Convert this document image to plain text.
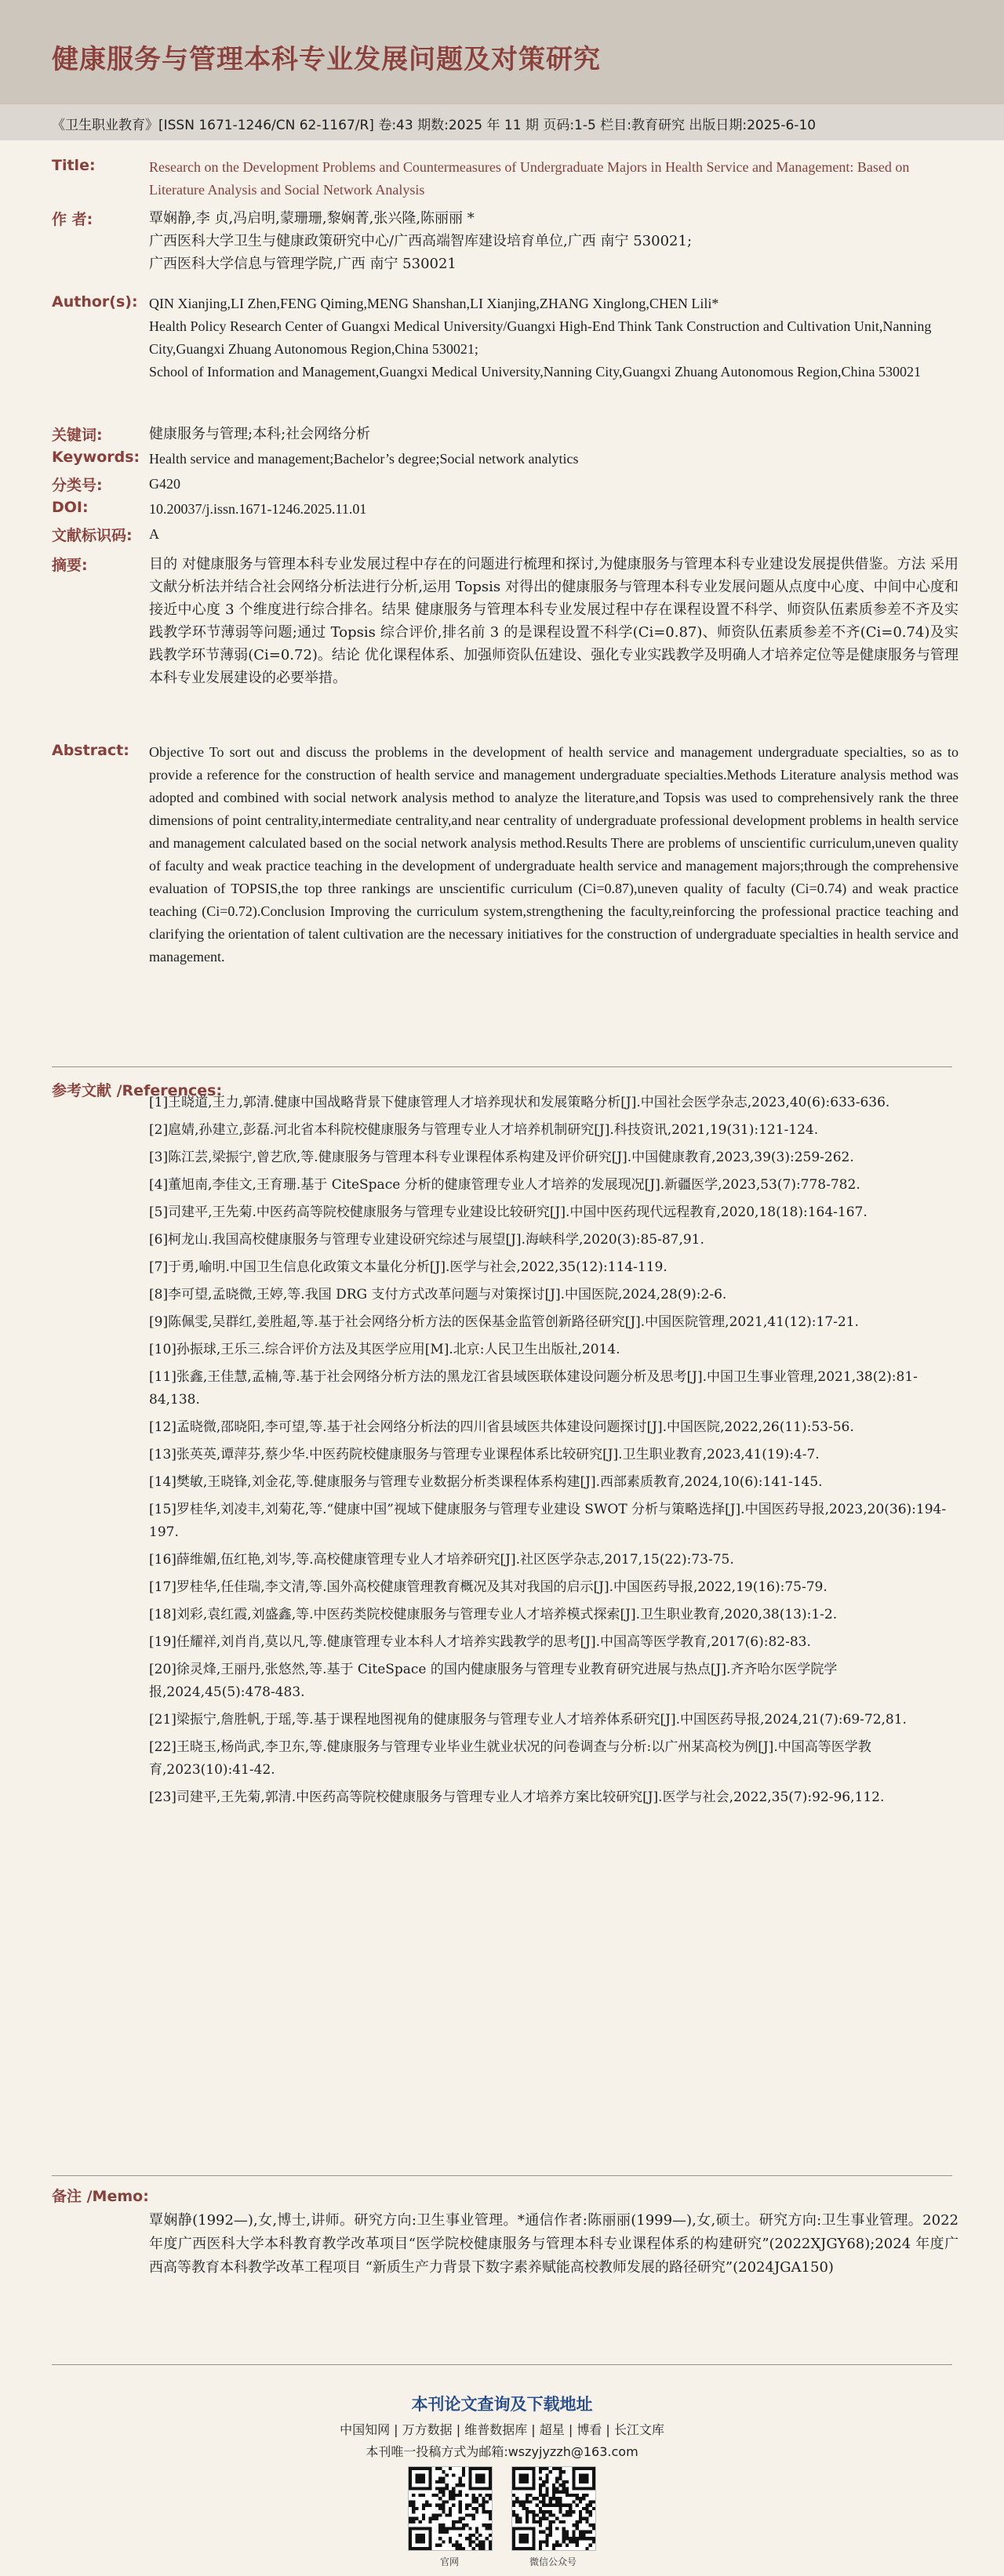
健康服务与管理本科专业发展问题及对策研究
《卫生职业教育》[ISSN 1671-1246/CN 62-1167/R] 卷:43 期数:2025 年 11 期 页码:1-5 栏目:教育研究 出版日期:2025-6-10
Title:	Research on the Development Problems and Countermeasures of Undergraduate Majors in Health Service and Management: Based on Literature Analysis and Social Network Analysis
作 者:	覃娴静,李 贞,冯启明,蒙珊珊,黎娴菁,张兴隆,陈丽丽 *
广西医科大学卫生与健康政策研究中心/广西高端智库建设培育单位,广西 南宁 530021;
广西医科大学信息与管理学院,广西 南宁 530021
Author(s): QIN Xianjing,LI Zhen,FENG Qiming,MENG Shanshan,LI Xianjing,ZHANG Xinglong,CHEN Lili*
Health Policy Research Center of Guangxi Medical University/Guangxi High-End Think Tank Construction and Cultivation Unit,Nanning City,Guangxi Zhuang Autonomous Region,China 530021;
School of Information and Management,Guangxi Medical University,Nanning City,Guangxi Zhuang Autonomous Region,China 530021
关键词:	健康服务与管理;本科;社会网络分析
Keywords: Health service and management;Bachelor’s degree;Social network analytics
分类号:	G420
DOI:	10.20037/j.issn.1671-1246.2025.11.01
文献标识码: A
摘要:	目的 对健康服务与管理本科专业发展过程中存在的问题进行梳理和探讨,为健康服务与管理本科专业建设发展提供借鉴。方法 采用文献分析法并结合社会网络分析法进行分析,运用 Topsis 对得出的健康服务与管理本科专业发展问题从点度中心度、中间中心度和接近中心度 3 个维度进行综合排名。结果 健康服务与管理本科专业发展过程中存在课程设置不科学、师资队伍素质参差不齐及实践教学环节薄弱等问题;通过 Topsis 综合评价,排名前 3 的是课程设置不科学(Ci=0.87)、师资队伍素质参差不齐(Ci=0.74)及实践教学环节薄弱(Ci=0.72)。结论 优化课程体系、加强师资队伍建设、强化专业实践教学及明确人才培养定位等是健康服务与管理本科专业发展建设的必要举措。
Abstract: Objective To sort out and discuss the problems in the development of health service and management undergraduate specialties, so as to provide a reference for the construction of health service and management undergraduate specialties.Methods Literature analysis method was adopted and combined with social network analysis method to analyze the literature,and Topsis was used to comprehensively rank the three dimensions of point centrality,intermediate centrality,and near centrality of undergraduate professional development problems in health service and management calculated based on the social network analysis method.Results There are problems of unscientific curriculum,uneven quality of faculty and weak practice teaching in the development of undergraduate health service and management majors;through the comprehensive evaluation of TOPSIS,the top three rankings are unscientific curriculum (Ci=0.87),uneven quality of faculty (Ci=0.74) and weak practice teaching (Ci=0.72).Conclusion Improving the curriculum system,strengthening the faculty,reinforcing the professional practice teaching and clarifying the orientation of talent cultivation are the necessary initiatives for the construction of undergraduate specialties in health service and management.
参考文献 /References:
[1]王晓道,王力,郭清.健康中国战略背景下健康管理人才培养现状和发展策略分析[J].中国社会医学杂志,2023,40(6):633-636.
[2]扈婧,孙建立,彭磊.河北省本科院校健康服务与管理专业人才培养机制研究[J].科技资讯,2021,19(31):121-124.
[3]陈江芸,梁振宁,曾艺欣,等.健康服务与管理本科专业课程体系构建及评价研究[J].中国健康教育,2023,39(3):259-262.
[4]董旭南,李佳文,王育珊.基于 CiteSpace 分析的健康管理专业人才培养的发展现况[J].新疆医学,2023,53(7):778-782.
[5]司建平,王先菊.中医药高等院校健康服务与管理专业建设比较研究[J].中国中医药现代远程教育,2020,18(18):164-167.
[6]柯龙山.我国高校健康服务与管理专业建设研究综述与展望[J].海峡科学,2020(3):85-87,91.
[7]于勇,喻明.中国卫生信息化政策文本量化分析[J].医学与社会,2022,35(12):114-119.
[8]李可望,孟晓微,王婷,等.我国 DRG 支付方式改革问题与对策探讨[J].中国医院,2024,28(9):2-6.
[9]陈佩雯,吴群红,姜胜超,等.基于社会网络分析方法的医保基金监管创新路径研究[J].中国医院管理,2021,41(12):17-21.
[10]孙振球,王乐三.综合评价方法及其医学应用[M].北京:人民卫生出版社,2014.
[11]张鑫,王佳慧,孟楠,等.基于社会网络分析方法的黑龙江省县域医联体建设问题分析及思考[J].中国卫生事业管理,2021,38(2):81-84,138.
[12]孟晓微,邵晓阳,李可望,等.基于社会网络分析法的四川省县域医共体建设问题探讨[J].中国医院,2022,26(11):53-56.
[13]张英英,谭萍芬,蔡少华.中医药院校健康服务与管理专业课程体系比较研究[J].卫生职业教育,2023,41(19):4-7.
[14]樊敏,王晓锋,刘金花,等.健康服务与管理专业数据分析类课程体系构建[J].西部素质教育,2024,10(6):141-145.
[15]罗桂华,刘凌丰,刘菊花,等.“健康中国”视域下健康服务与管理专业建设 SWOT 分析与策略选择[J].中国医药导报,2023,20(36):194-197.
[16]薛维媚,伍红艳,刘岑,等.高校健康管理专业人才培养研究[J].社区医学杂志,2017,15(22):73-75.
[17]罗桂华,任佳瑞,李文清,等.国外高校健康管理教育概况及其对我国的启示[J].中国医药导报,2022,19(16):75-79.
[18]刘彩,袁红霞,刘盛鑫,等.中医药类院校健康服务与管理专业人才培养模式探索[J].卫生职业教育,2020,38(13):1-2.
[19]任耀祥,刘肖肖,莫以凡,等.健康管理专业本科人才培养实践教学的思考[J].中国高等医学教育,2017(6):82-83.
[20]徐灵烽,王丽丹,张悠然,等.基于 CiteSpace 的国内健康服务与管理专业教育研究进展与热点[J].齐齐哈尔医学院学报,2024,45(5):478-483.
[21]梁振宁,詹胜帆,于瑶,等.基于课程地图视角的健康服务与管理专业人才培养体系研究[J].中国医药导报,2024,21(7):69-72,81.
[22]王晓玉,杨尚武,李卫东,等.健康服务与管理专业毕业生就业状况的问卷调查与分析:以广州某高校为例[J].中国高等医学教育,2023(10):41-42.
[23]司建平,王先菊,郭清.中医药高等院校健康服务与管理专业人才培养方案比较研究[J].医学与社会,2022,35(7):92-96,112.
备注 /Memo:
覃娴静(1992—),女,博士,讲师。研究方向:卫生事业管理。*通信作者:陈丽丽(1999—),女,硕士。研究方向:卫生事业管理。2022 年度广西医科大学本科教育教学改革项目“医学院校健康服务与管理本科专业课程体系的构建研究”(2022XJGY68);2024 年度广西高等教育本科教学改革工程项目 “新质生产力背景下数字素养赋能高校教师发展的路径研究”(2024JGA150)
本刊论文查询及下载地址
中国知网 | 万方数据 | 维普数据库 | 超星 | 博看 | 长江文库
本刊唯一投稿方式为邮箱:wszyjyzzh@163.com
官网	微信公众号
